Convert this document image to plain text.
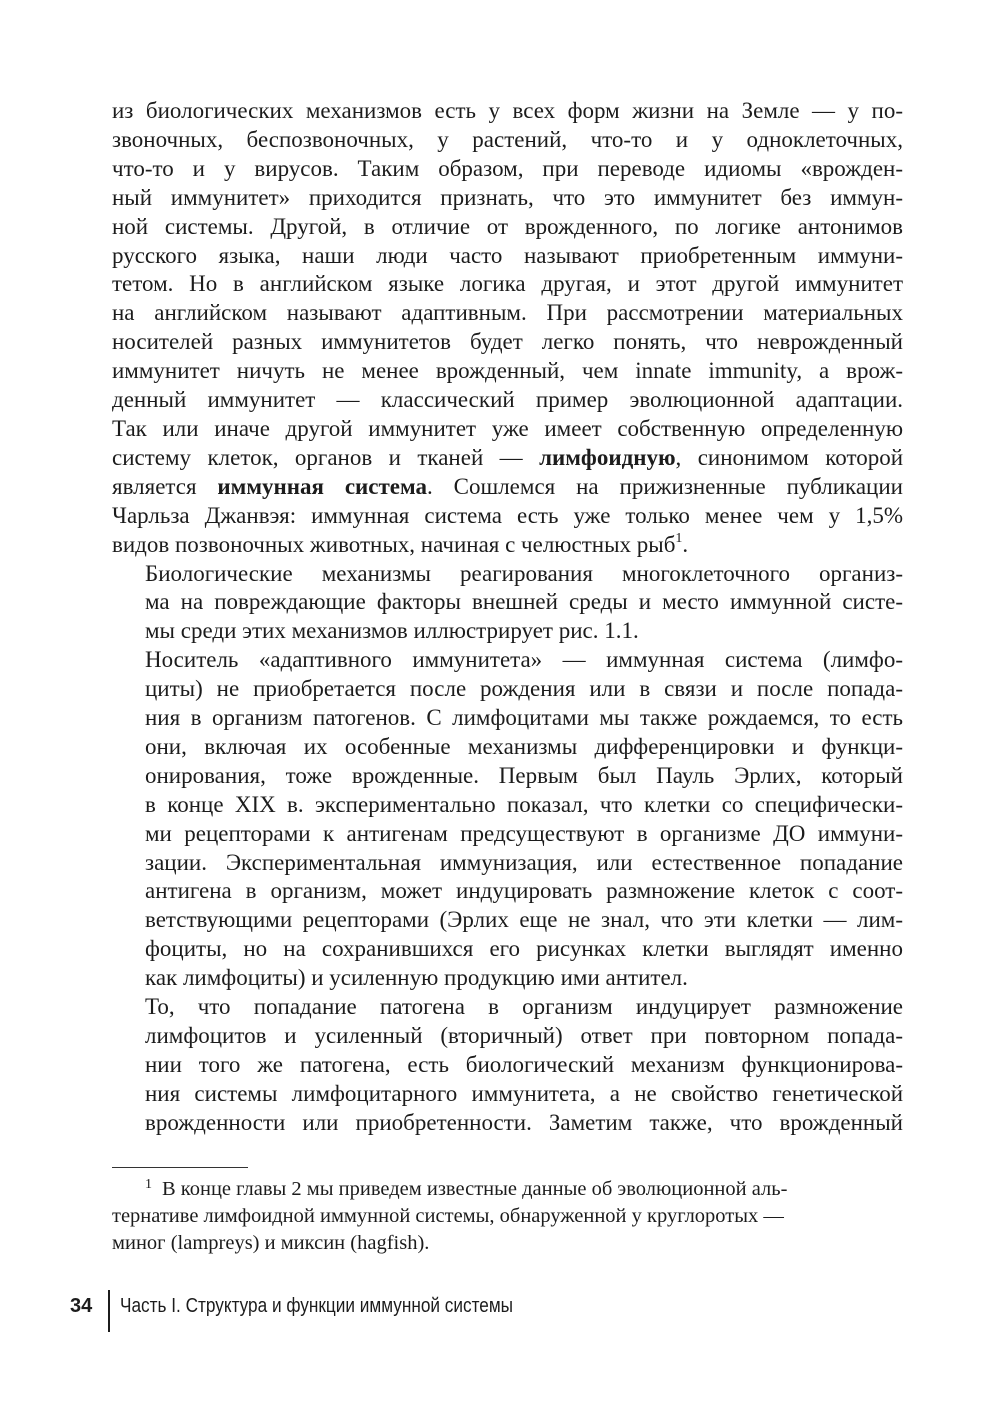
из биологических механизмов есть у всех форм жизни на Земле — у по-
звоночных, беспозвоночных, у растений, что-то и у одноклеточных,
что-то и у вирусов. Таким образом, при переводе идиомы «врожден-
ный иммунитет» приходится признать, что это иммунитет без иммун-
ной системы. Другой, в отличие от врожденного, по логике антонимов
русского языка, наши люди часто называют приобретенным иммуни-
тетом. Но в английском языке логика другая, и этот другой иммунитет
на английском называют адаптивным. При рассмотрении материальных
носителей разных иммунитетов будет легко понять, что неврожденный
иммунитет ничуть не менее врожденный, чем innate immunity, а врож-
денный иммунитет — классический пример эволюционной адаптации.
Так или иначе другой иммунитет уже имеет собственную определенную
систему клеток, органов и тканей — лимфоидную, синонимом которой
является иммунная система. Сошлемся на прижизненные публикации
Чарльза Джанвэя: иммунная система есть уже только менее чем у 1,5%
видов позвоночных животных, начиная с челюстных рыб$^1$.

Биологические механизмы реагирования многоклеточного организ-
ма на повреждающие факторы внешней среды и место иммунной систе-
мы среди этих механизмов иллюстрирует рис. 1.1.

Носитель «адаптивного иммунитета» — иммунная система (лимфо-
циты) не приобретается после рождения или в связи и после попада-
ния в организм патогенов. С лимфоцитами мы также рождаемся, то есть
они, включая их особенные механизмы дифференцировки и функци-
онирования, тоже врожденные. Первым был Пауль Эрлих, который
в конце XIX в. экспериментально показал, что клетки со специфически-
ми рецепторами к антигенам предсуществуют в организме ДО иммуни-
зации. Экспериментальная иммунизация, или естественное попадание
антигена в организм, может индуцировать размножение клеток с соот-
ветствующими рецепторами (Эрлих еще не знал, что эти клетки — лим-
фоциты, но на сохранившихся его рисунках клетки выглядят именно
как лимфоциты) и усиленную продукцию ими антител.

То, что попадание патогена в организм индуцирует размножение
лимфоцитов и усиленный (вторичный) ответ при повторном попада-
нии того же патогена, есть биологический механизм функционирова-
ния системы лимфоцитарного иммунитета, а не свойство генетической
врожденности или приобретенности. Заметим также, что врожденный

$^1$ В конце главы 2 мы приведем известные данные об эволюционной аль-
тернативе лимфоидной иммунной системы, обнаруженной у круглоротых —
миног (lampreys) и миксин (hagfish).
34 Часть I. Структура и функции иммунной системы
